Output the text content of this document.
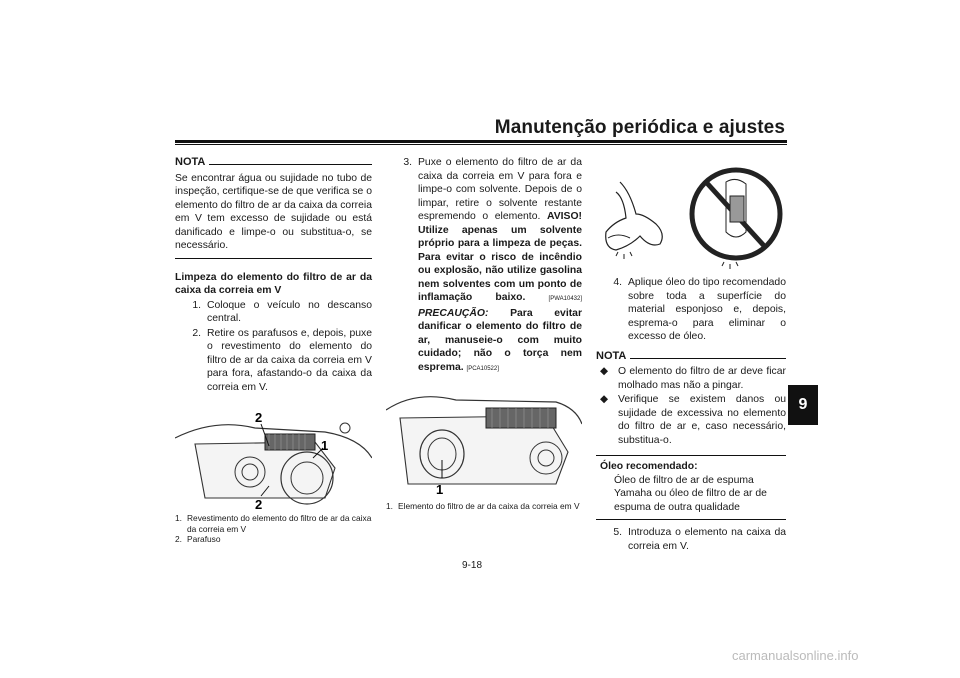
Manutenção periódica e ajustes
9
NOTA
Se encontrar água ou sujidade no tubo de inspeção, certifique-se de que verifica se o elemento do filtro de ar da caixa da correia em V tem excesso de sujidade ou está danificado e limpe-o ou substitua-o, se necessário.
Limpeza do elemento do filtro de ar da caixa da correia em V
1. Coloque o veículo no descanso central.
2. Retire os parafusos e, depois, puxe o revestimento do elemento do filtro de ar da caixa da correia em V para fora, afastando-o da caixa da correia em V.
2
1
2
1. Revestimento do elemento do filtro de ar da caixa da correia em V
2. Parafuso
3. Puxe o elemento do filtro de ar da caixa da correia em V para fora e limpe-o com solvente. Depois de o limpar, retire o solvente restante espremendo o elemento. AVISO! Utilize apenas um solvente próprio para a limpeza de peças. Para evitar o risco de incêndio ou explosão, não utilize gasolina nem solventes com um ponto de inflamação baixo.	[PWA10432] PRECAUÇÃO: Para evitar danificar o elemento do filtro de ar, manuseie-o com muito cuidado; não o torça nem esprema. [PCA10522]
1
1. Elemento do filtro de ar da caixa da correia em V
4. Aplique óleo do tipo recomendado sobre toda a superfície do material esponjoso e, depois, esprema-o para eliminar o excesso de óleo.
NOTA
◆ O elemento do filtro de ar deve ficar molhado mas não a pingar.
◆ Verifique se existem danos ou sujidade de excessiva no elemento do filtro de ar e, caso necessário, substitua-o.
Óleo recomendado:
Óleo de filtro de ar de espuma
Yamaha ou óleo de filtro de ar de
espuma de outra qualidade
5. Introduza o elemento na caixa da correia em V.
9-18
carmanualsonline.info
